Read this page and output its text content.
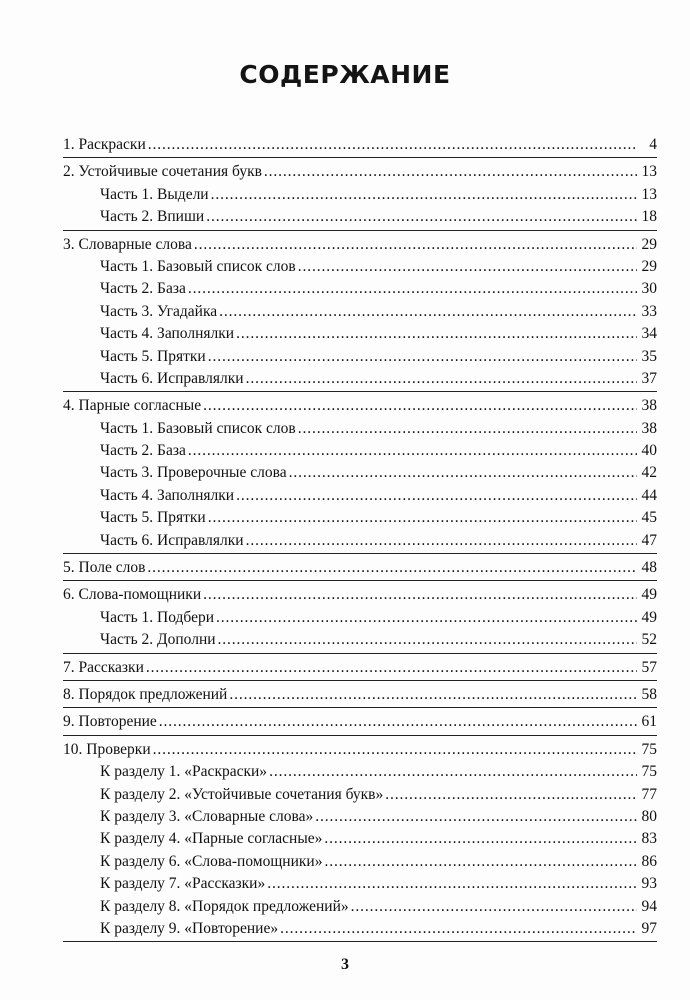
СОДЕРЖАНИЕ
1. Раскраски . . .	4
2. Устойчивые сочетания букв . . .	13
Часть 1. Выдели . . .	13
Часть 2. Впиши . . .	18
3. Словарные слова . . .	29
Часть 1. Базовый список слов . . .	29
Часть 2. База . . .	30
Часть 3. Угадайка . . .	33
Часть 4. Заполнялки . . .	34
Часть 5. Прятки . . .	35
Часть 6. Исправлялки . . .	37
4. Парные согласные . . .	38
Часть 1. Базовый список слов . . .	38
Часть 2. База . . .	40
Часть 3. Проверочные слова . . .	42
Часть 4. Заполнялки . . .	44
Часть 5. Прятки . . .	45
Часть 6. Исправлялки . . .	47
5. Поле слов . . .	48
6. Слова-помощники . . .	49
Часть 1. Подбери . . .	49
Часть 2. Дополни . . .	52
7. Рассказки . . .	57
8. Порядок предложений . . .	58
9. Повторение . . .	61
10. Проверки . . .	75
К разделу 1. «Раскраски» . . .	75
К разделу 2. «Устойчивые сочетания букв» . . .	77
К разделу 3. «Словарные слова» . . .	80
К разделу 4. «Парные согласные» . . .	83
К разделу 6. «Слова-помощники» . . .	86
К разделу 7. «Рассказки» . . .	93
К разделу 8. «Порядок предложений» . . .	94
К разделу 9. «Повторение» . . .	97
3
